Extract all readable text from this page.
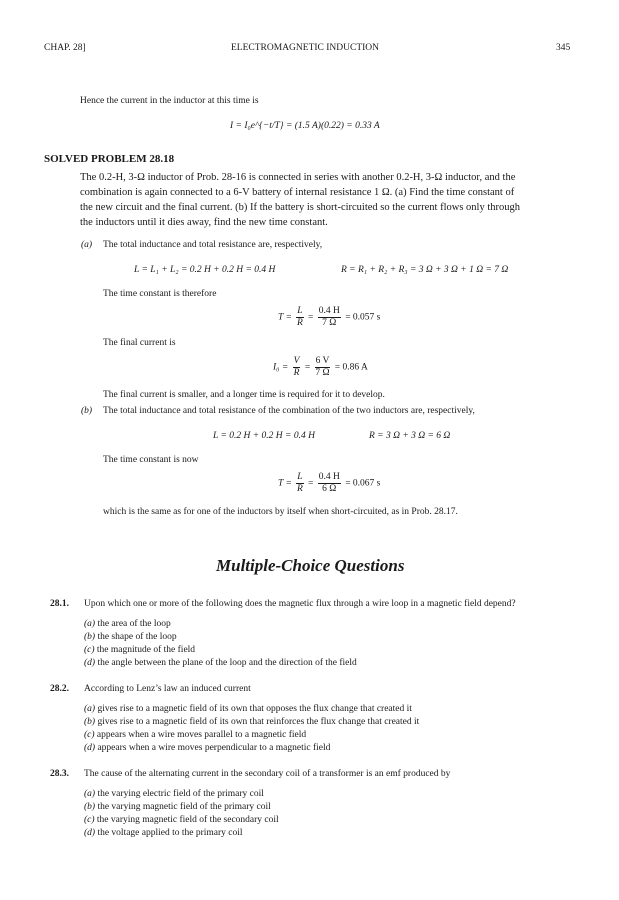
CHAP. 28]	ELECTROMAGNETIC INDUCTION	345
Hence the current in the inductor at this time is
I = I₀e^{−t/T} = (1.5 A)(0.22) = 0.33 A
SOLVED PROBLEM 28.18
The 0.2-H, 3-Ω inductor of Prob. 28-16 is connected in series with another 0.2-H, 3-Ω inductor, and the
combination is again connected to a 6-V battery of internal resistance 1 Ω. (a) Find the time constant of
the new circuit and the final current. (b) If the battery is short-circuited so the current flows only through
the inductors until it dies away, find the new time constant.
(a) The total inductance and total resistance are, respectively,
L = L₁ + L₂ = 0.2 H + 0.2 H = 0.4 H	R = R₁ + R₂ + R₃ = 3 Ω + 3 Ω + 1 Ω = 7 Ω
The time constant is therefore
$T = \frac{L}{R} = \frac{0.4 H}{7 \Omega} = 0.057$ s
The final current is
$I_0 = \frac{V}{R} = \frac{6 V}{7 \Omega} = 0.86$ A
The final current is smaller, and a longer time is required for it to develop.
(b) The total inductance and total resistance of the combination of the two inductors are, respectively,
L = 0.2 H + 0.2 H = 0.4 H	R = 3 Ω + 3 Ω = 6 Ω
The time constant is now
$T = \frac{L}{R} = \frac{0.4 H}{6 \Omega} = 0.067$ s
which is the same as for one of the inductors by itself when short-circuited, as in Prob. 28.17.
Multiple-Choice Questions
28.1. Upon which one or more of the following does the magnetic flux through a wire loop in a magnetic field depend?
(a) the area of the loop
(b) the shape of the loop
(c) the magnitude of the field
(d) the angle between the plane of the loop and the direction of the field
28.2. According to Lenz’s law an induced current
(a) gives rise to a magnetic field of its own that opposes the flux change that created it
(b) gives rise to a magnetic field of its own that reinforces the flux change that created it
(c) appears when a wire moves parallel to a magnetic field
(d) appears when a wire moves perpendicular to a magnetic field
28.3. The cause of the alternating current in the secondary coil of a transformer is an emf produced by
(a) the varying electric field of the primary coil
(b) the varying magnetic field of the primary coil
(c) the varying magnetic field of the secondary coil
(d) the voltage applied to the primary coil
